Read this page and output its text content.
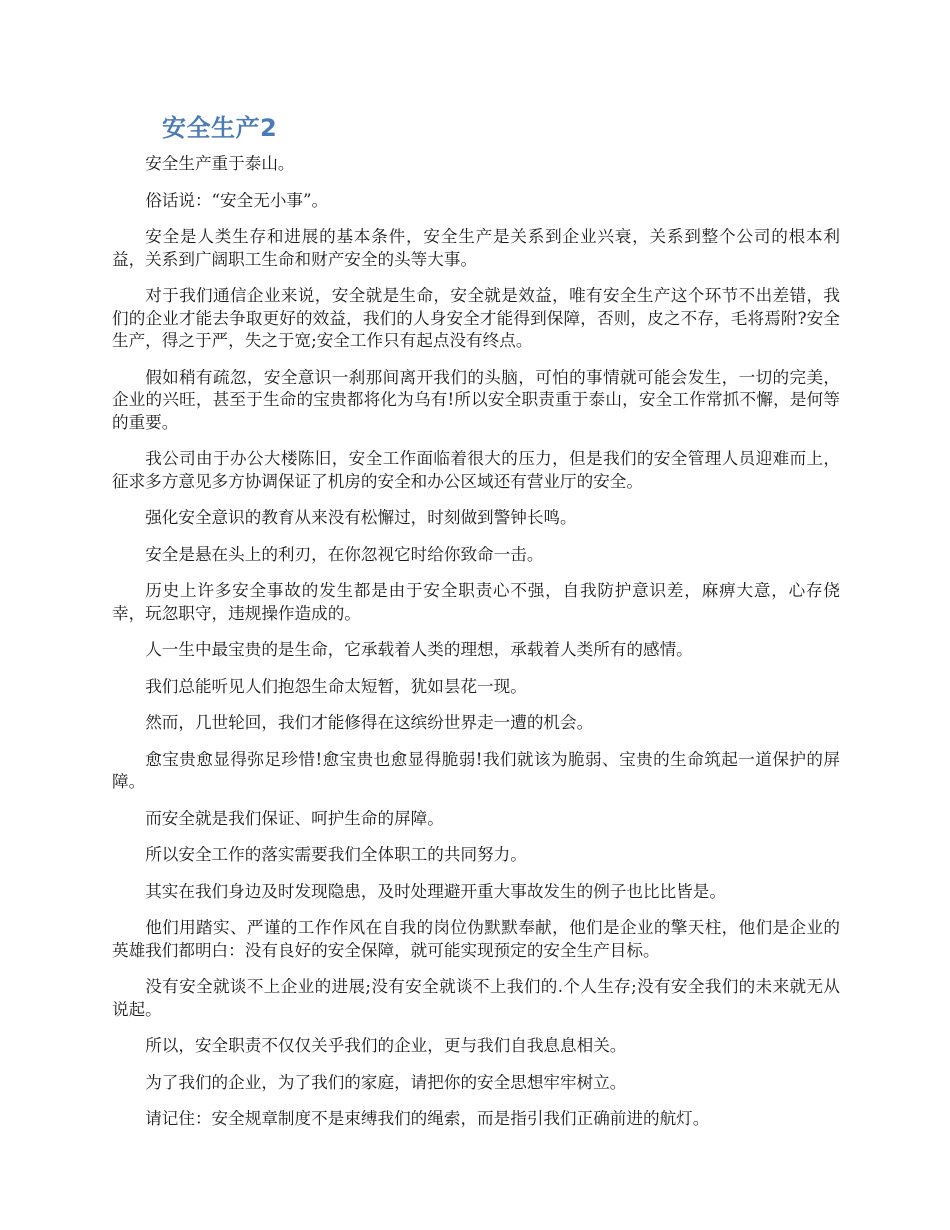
安全生产2

安全生产重于泰山。

俗话说：“安全无小事”。

安全是人类生存和进展的基本条件，安全生产是关系到企业兴衰，关系到整个公司的根本利益，关系到广阔职工生命和财产安全的头等大事。

对于我们通信企业来说，安全就是生命，安全就是效益，唯有安全生产这个环节不出差错，我们的企业才能去争取更好的效益，我们的人身安全才能得到保障，否则，皮之不存，毛将焉附?安全生产，得之于严，失之于宽;安全工作只有起点没有终点。

假如稍有疏忽，安全意识一刹那间离开我们的头脑，可怕的事情就可能会发生，一切的完美，企业的兴旺，甚至于生命的宝贵都将化为乌有!所以安全职责重于泰山，安全工作常抓不懈，是何等的重要。

我公司由于办公大楼陈旧，安全工作面临着很大的压力，但是我们的安全管理人员迎难而上，征求多方意见多方协调保证了机房的安全和办公区域还有营业厅的安全。

强化安全意识的教育从来没有松懈过，时刻做到警钟长鸣。

安全是悬在头上的利刃，在你忽视它时给你致命一击。

历史上许多安全事故的发生都是由于安全职责心不强，自我防护意识差，麻痹大意，心存侥幸，玩忽职守，违规操作造成的。

人一生中最宝贵的是生命，它承载着人类的理想，承载着人类所有的感情。

我们总能听见人们抱怨生命太短暂，犹如昙花一现。

然而，几世轮回，我们才能修得在这缤纷世界走一遭的机会。

愈宝贵愈显得弥足珍惜!愈宝贵也愈显得脆弱!我们就该为脆弱、宝贵的生命筑起一道保护的屏障。

而安全就是我们保证、呵护生命的屏障。

所以安全工作的落实需要我们全体职工的共同努力。

其实在我们身边及时发现隐患，及时处理避开重大事故发生的例子也比比皆是。

他们用踏实、严谨的工作作风在自我的岗位伪默默奉献，他们是企业的擎天柱，他们是企业的英雄我们都明白：没有良好的安全保障，就可能实现预定的安全生产目标。

没有安全就谈不上企业的进展;没有安全就谈不上我们的.个人生存;没有安全我们的未来就无从说起。

所以，安全职责不仅仅关乎我们的企业，更与我们自我息息相关。

为了我们的企业，为了我们的家庭，请把你的安全思想牢牢树立。

请记住：安全规章制度不是束缚我们的绳索，而是指引我们正确前进的航灯。
